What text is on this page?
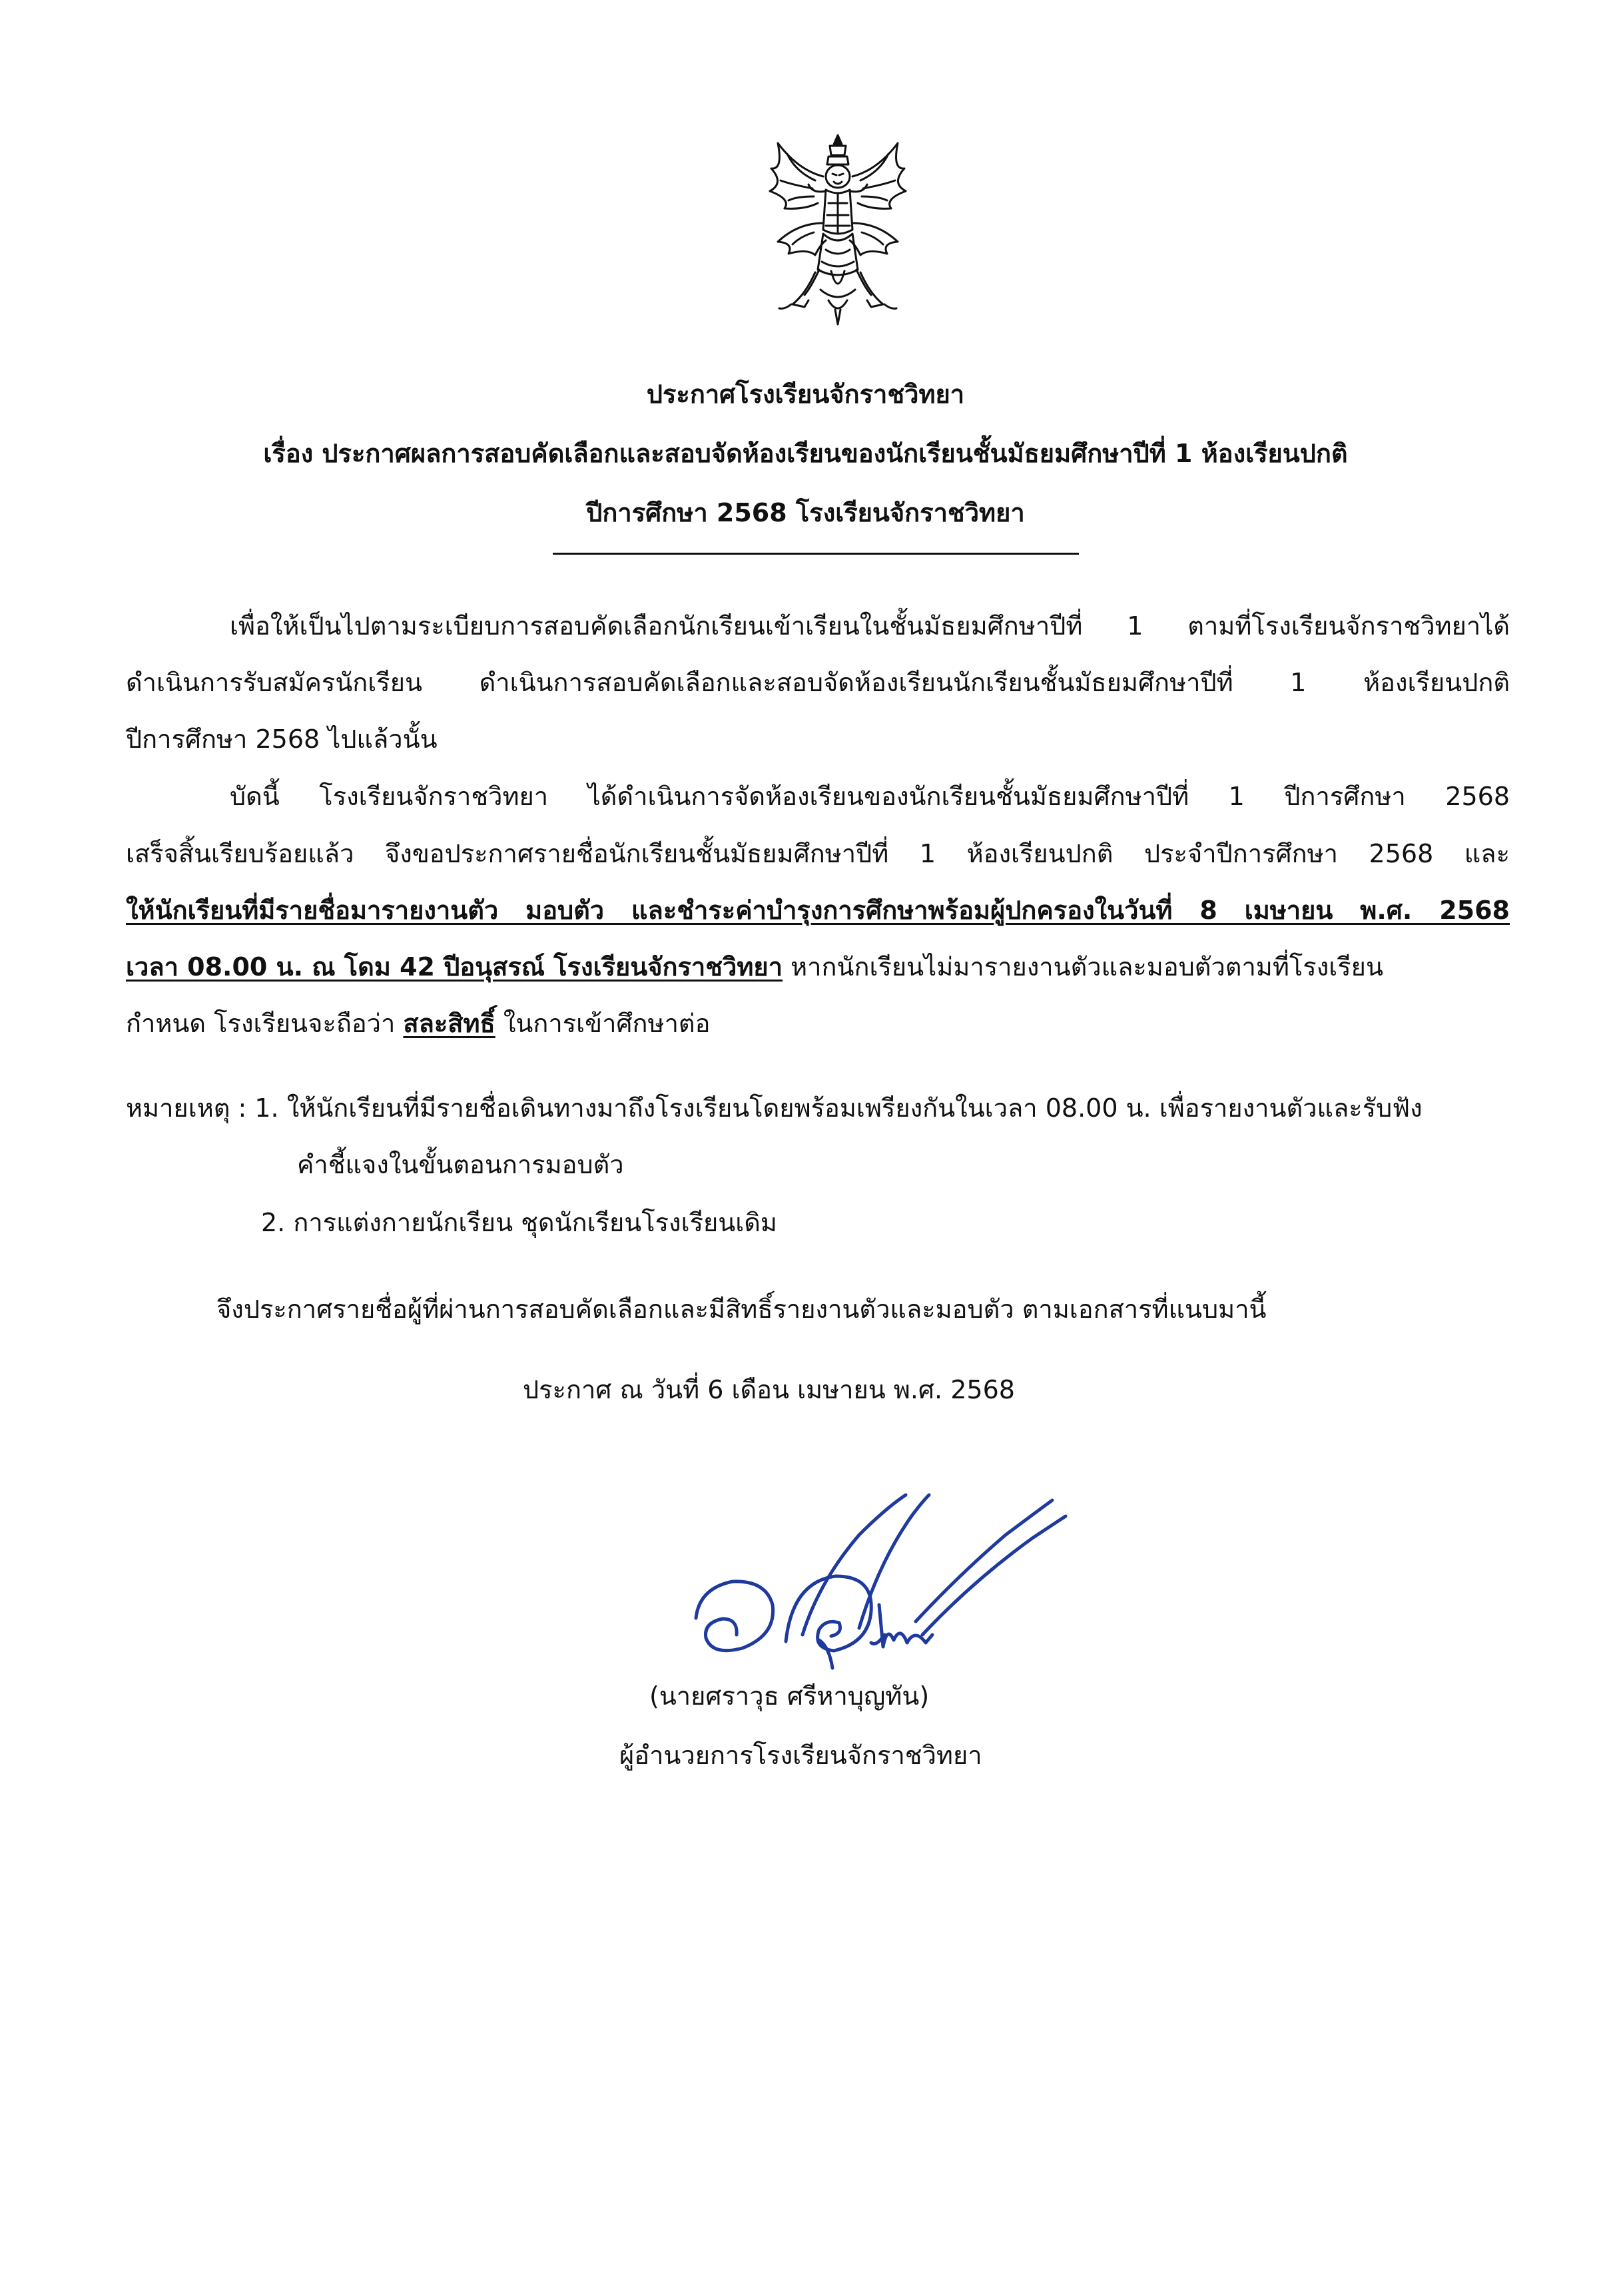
ประกาศโรงเรียนจักราชวิทยา
เรื่อง ประกาศผลการสอบคัดเลือกและสอบจัดห้องเรียนของนักเรียนชั้นมัธยมศึกษาปีที่ 1 ห้องเรียนปกติ
ปีการศึกษา 2568 โรงเรียนจักราชวิทยา
เพื่อให้เป็นไปตามระเบียบการสอบคัดเลือกนักเรียนเข้าเรียนในชั้นมัธยมศึกษาปีที่ 1 ตามที่โรงเรียนจักราชวิทยาได้
ดำเนินการรับสมัครนักเรียน ดำเนินการสอบคัดเลือกและสอบจัดห้องเรียนนักเรียนชั้นมัธยมศึกษาปีที่ 1 ห้องเรียนปกติ
ปีการศึกษา 2568 ไปแล้วนั้น
บัดนี้ โรงเรียนจักราชวิทยา ได้ดำเนินการจัดห้องเรียนของนักเรียนชั้นมัธยมศึกษาปีที่ 1 ปีการศึกษา 2568
เสร็จสิ้นเรียบร้อยแล้ว จึงขอประกาศรายชื่อนักเรียนชั้นมัธยมศึกษาปีที่ 1 ห้องเรียนปกติ ประจำปีการศึกษา 2568 และ
ให้นักเรียนที่มีรายชื่อมารายงานตัว มอบตัว และชำระค่าบำรุงการศึกษาพร้อมผู้ปกครองในวันที่ 8 เมษายน พ.ศ. 2568
เวลา 08.00 น. ณ โดม 42 ปีอนุสรณ์ โรงเรียนจักราชวิทยา หากนักเรียนไม่มารายงานตัวและมอบตัวตามที่โรงเรียน
กำหนด โรงเรียนจะถือว่า สละสิทธิ์ ในการเข้าศึกษาต่อ
หมายเหตุ : 1. ให้นักเรียนที่มีรายชื่อเดินทางมาถึงโรงเรียนโดยพร้อมเพรียงกันในเวลา 08.00 น. เพื่อรายงานตัวและรับฟัง
คำชี้แจงในขั้นตอนการมอบตัว
2. การแต่งกายนักเรียน ชุดนักเรียนโรงเรียนเดิม
จึงประกาศรายชื่อผู้ที่ผ่านการสอบคัดเลือกและมีสิทธิ์รายงานตัวและมอบตัว ตามเอกสารที่แนบมานี้
ประกาศ ณ วันที่ 6 เดือน เมษายน พ.ศ. 2568
(นายศราวุธ ศรีหาบุญทัน)
ผู้อำนวยการโรงเรียนจักราชวิทยา
